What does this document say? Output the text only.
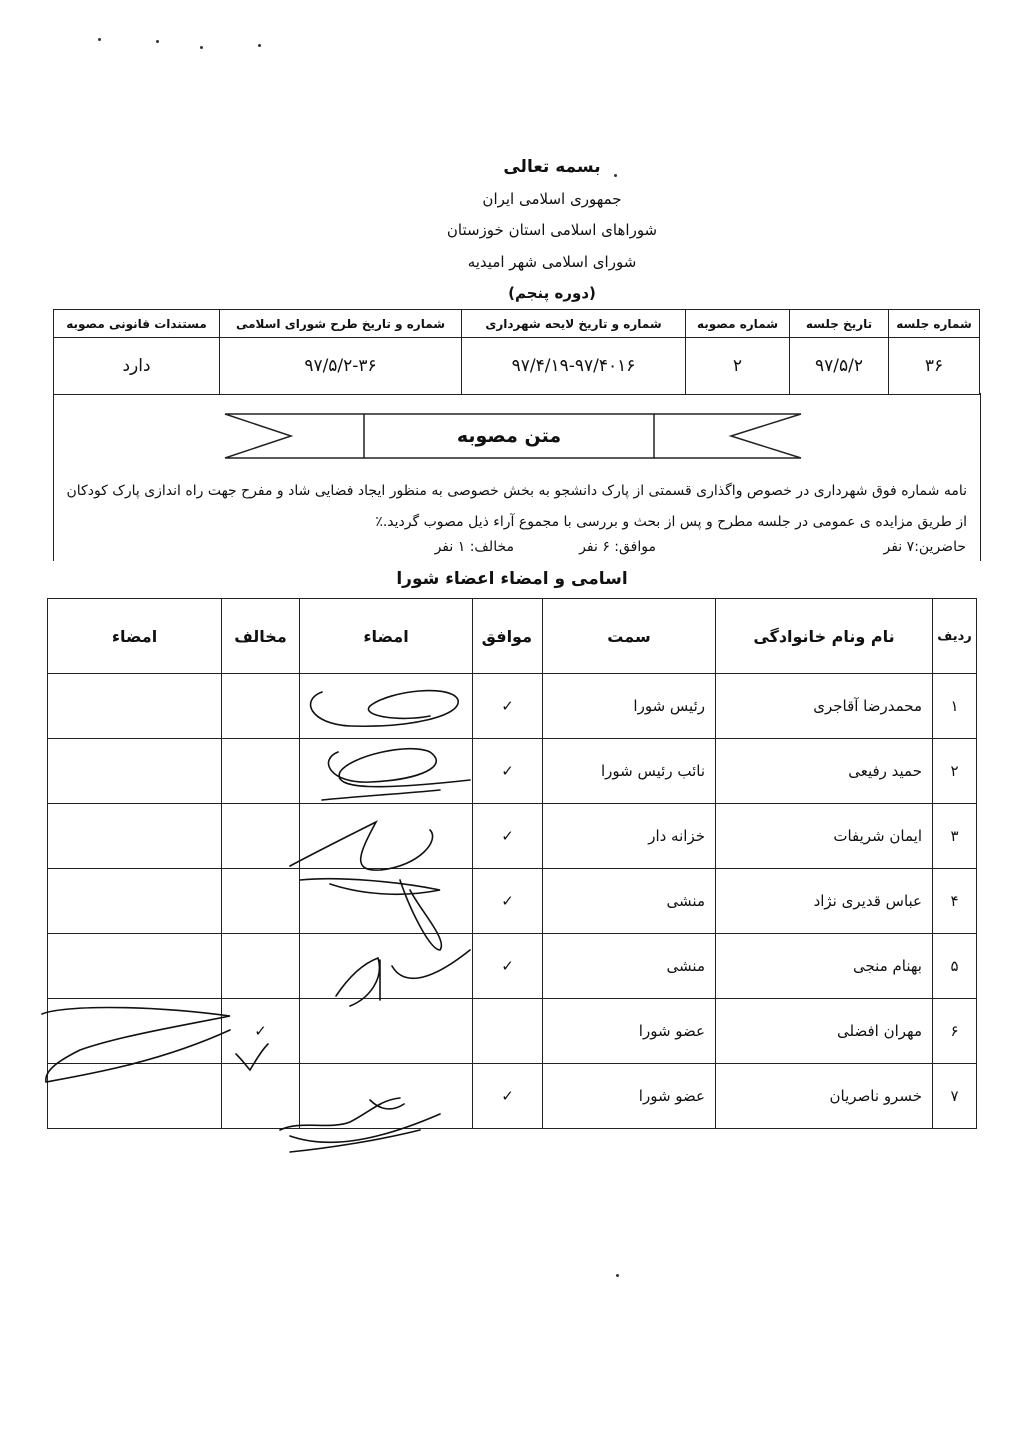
بسمه تعالی
جمهوری اسلامی ایران
شوراهای اسلامی استان خوزستان
شورای اسلامی شهر امیدیه
(دوره پنجم)
شماره جلسه	تاریخ جلسه	شماره مصوبه	شماره و تاریخ لایحه شهرداری	شماره و تاریخ طرح شورای اسلامی	مستندات قانونی مصوبه
۳۶	۹۷/۵/۲	۲	۹۷/۴/۱۹-۹۷/۴۰۱۶	۹۷/۵/۲-۳۶	دارد
متن مصوبه
نامه شماره فوق شهرداری در خصوص واگذاری قسمتی از پارک دانشجو به بخش خصوصی به منظور ایجاد فضایی شاد و مفرح جهت راه اندازی پارک کودکان از طریق مزایده ی عمومی در جلسه مطرح و پس از بحث و بررسی با مجموع آراء ذیل مصوب گردید.٪
حاضرین:۷ نفر
موافق: ۶ نفر
مخالف: ۱ نفر
اسامی و امضاء اعضاء شورا
ردیف	نام ونام خانوادگی	سمت	موافق	امضاء	مخالف	امضاء
۱	محمدرضا آقاجری	رئیس شورا	✓			
۲	حمید رفیعی	نائب رئیس شورا	✓			
۳	ایمان شریفات	خزانه دار	✓			
۴	عباس قدیری نژاد	منشی	✓			
۵	بهنام منجی	منشی	✓			
۶	مهران افضلی	عضو شورا			✓	
۷	خسرو ناصریان	عضو شورا	✓			
